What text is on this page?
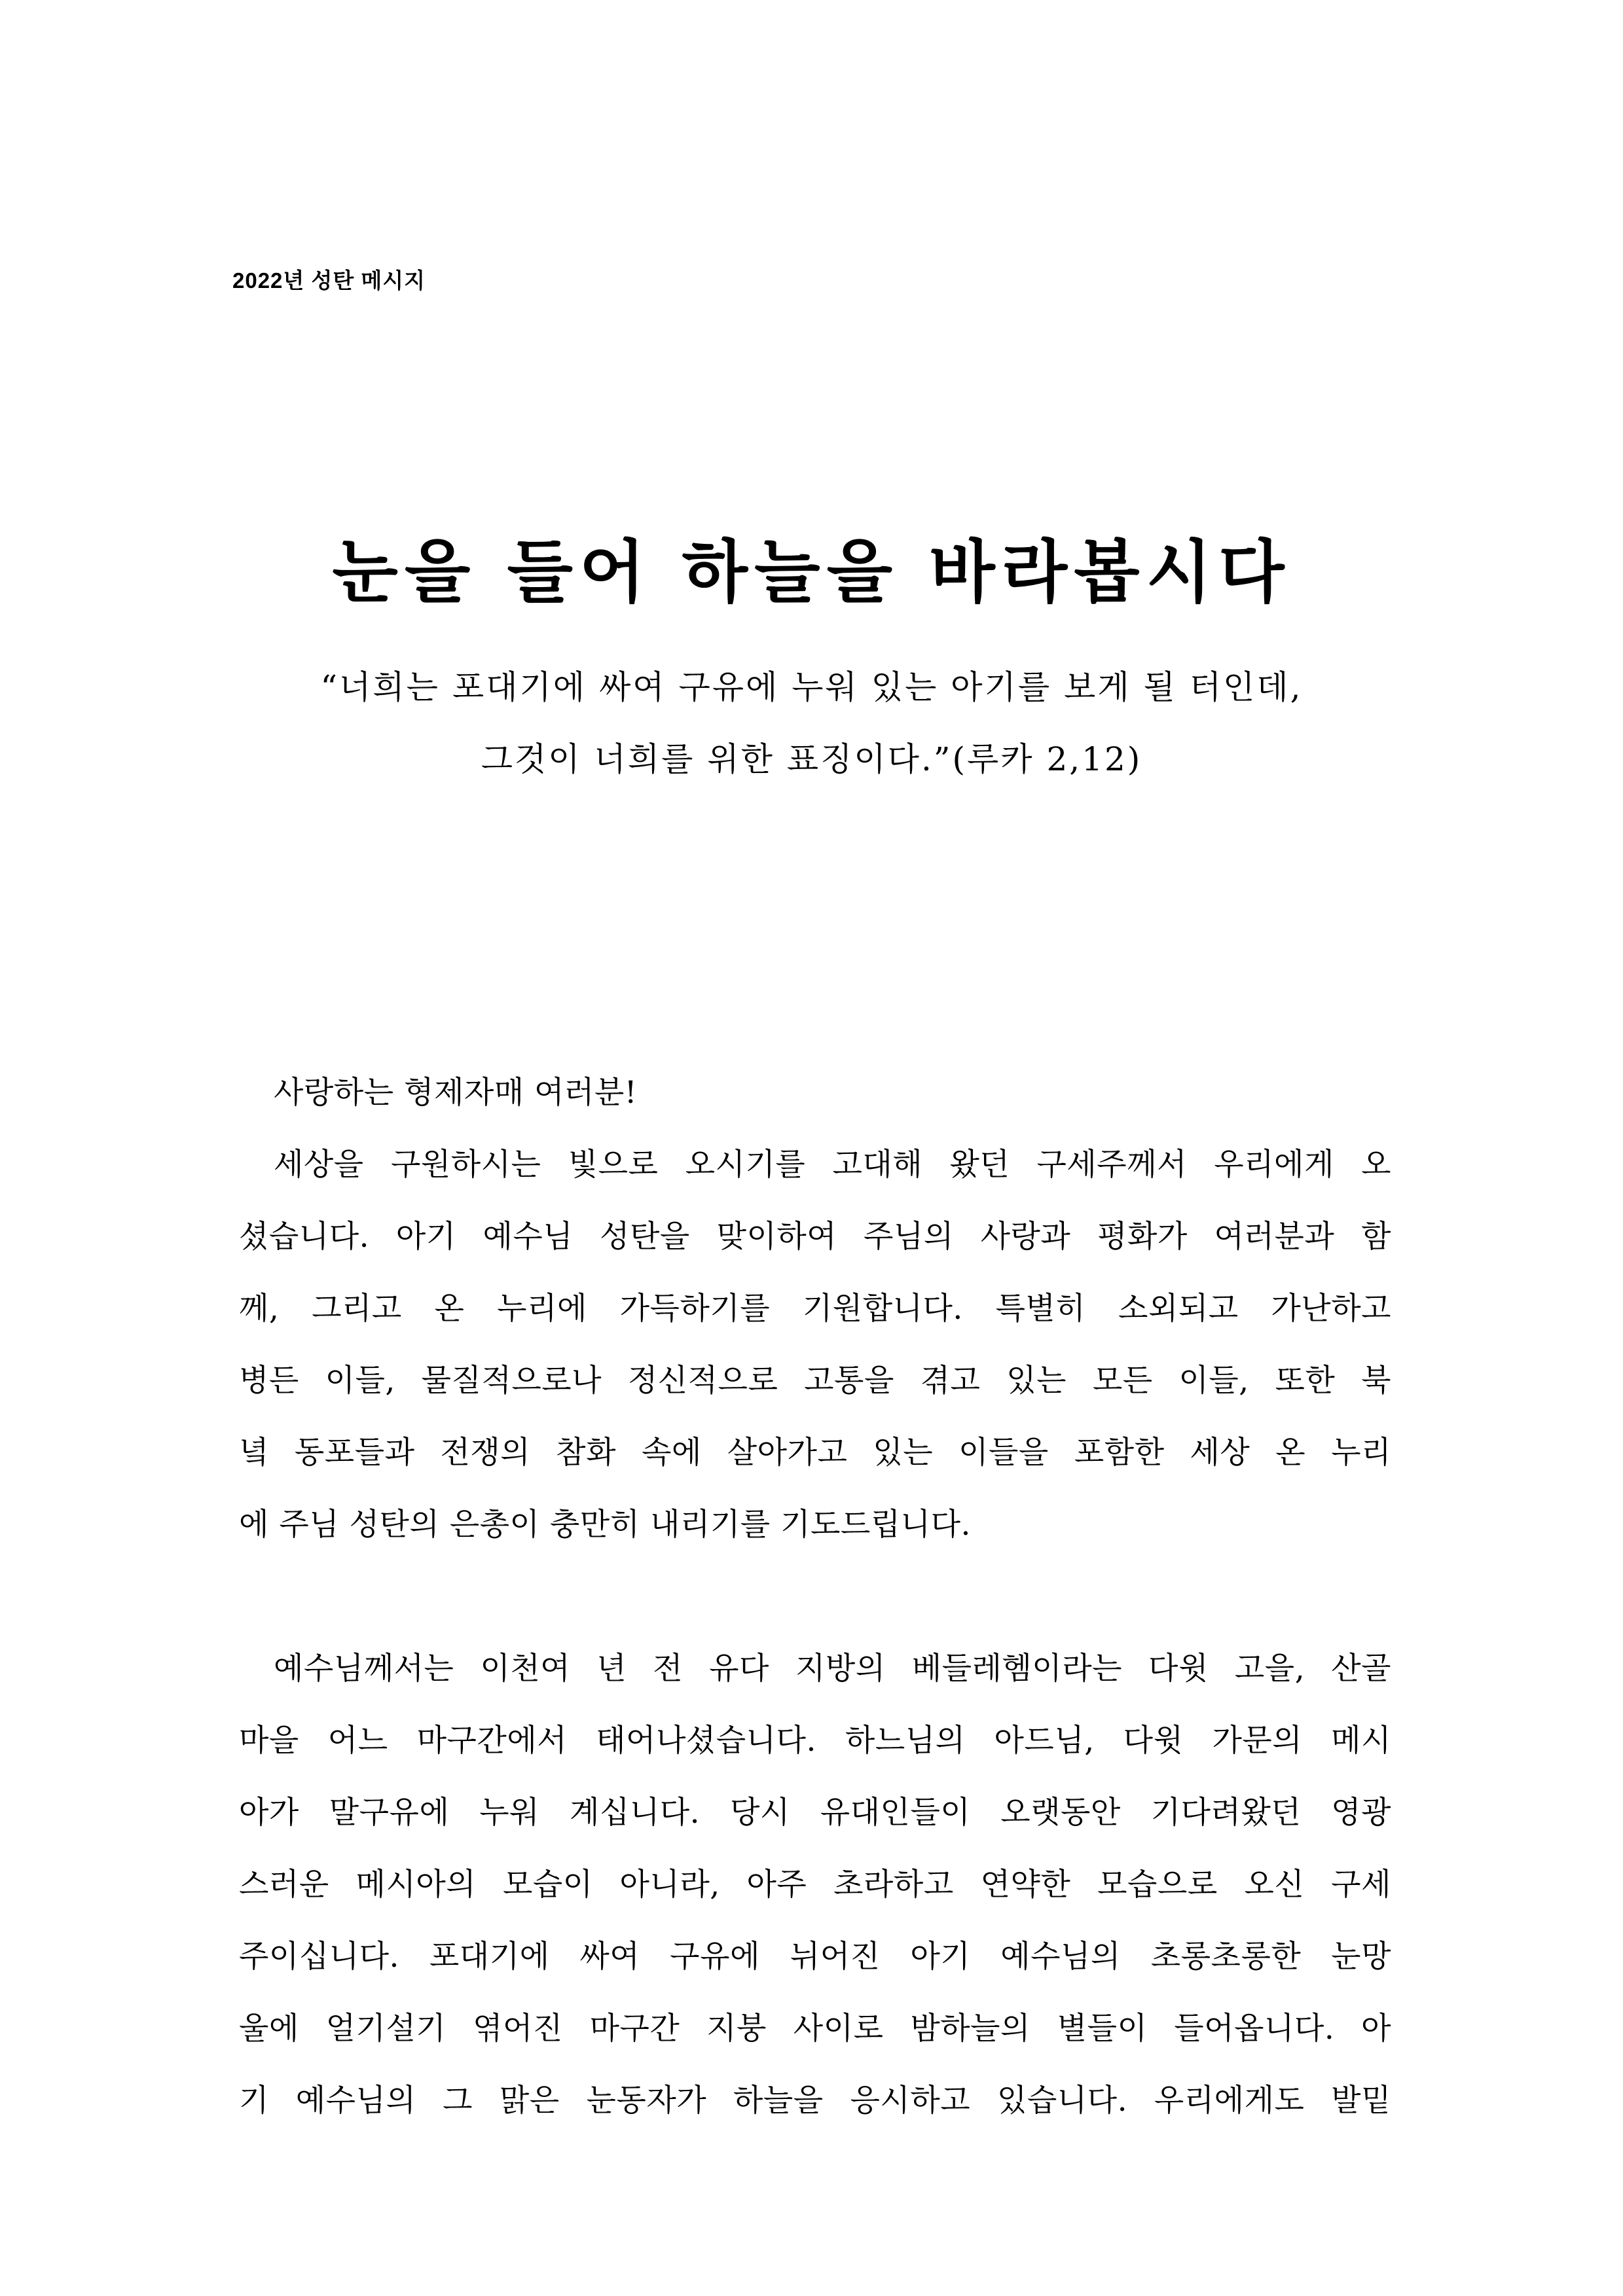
2022년 성탄 메시지
눈을 들어 하늘을 바라봅시다
“너희는 포대기에 싸여 구유에 누워 있는 아기를 보게 될 터인데,
그것이 너희를 위한 표징이다.”(루카 2,12)
사랑하는 형제자매 여러분!
세상을 구원하시는 빛으로 오시기를 고대해 왔던 구세주께서 우리에게 오
셨습니다. 아기 예수님 성탄을 맞이하여 주님의 사랑과 평화가 여러분과 함
께, 그리고 온 누리에 가득하기를 기원합니다. 특별히 소외되고 가난하고
병든 이들, 물질적으로나 정신적으로 고통을 겪고 있는 모든 이들, 또한 북
녘 동포들과 전쟁의 참화 속에 살아가고 있는 이들을 포함한 세상 온 누리
에 주님 성탄의 은총이 충만히 내리기를 기도드립니다.
예수님께서는 이천여 년 전 유다 지방의 베들레헴이라는 다윗 고을, 산골
마을 어느 마구간에서 태어나셨습니다. 하느님의 아드님, 다윗 가문의 메시
아가 말구유에 누워 계십니다. 당시 유대인들이 오랫동안 기다려왔던 영광
스러운 메시아의 모습이 아니라, 아주 초라하고 연약한 모습으로 오신 구세
주이십니다. 포대기에 싸여 구유에 뉘어진 아기 예수님의 초롱초롱한 눈망
울에 얼기설기 엮어진 마구간 지붕 사이로 밤하늘의 별들이 들어옵니다. 아
기 예수님의 그 맑은 눈동자가 하늘을 응시하고 있습니다. 우리에게도 발밑
